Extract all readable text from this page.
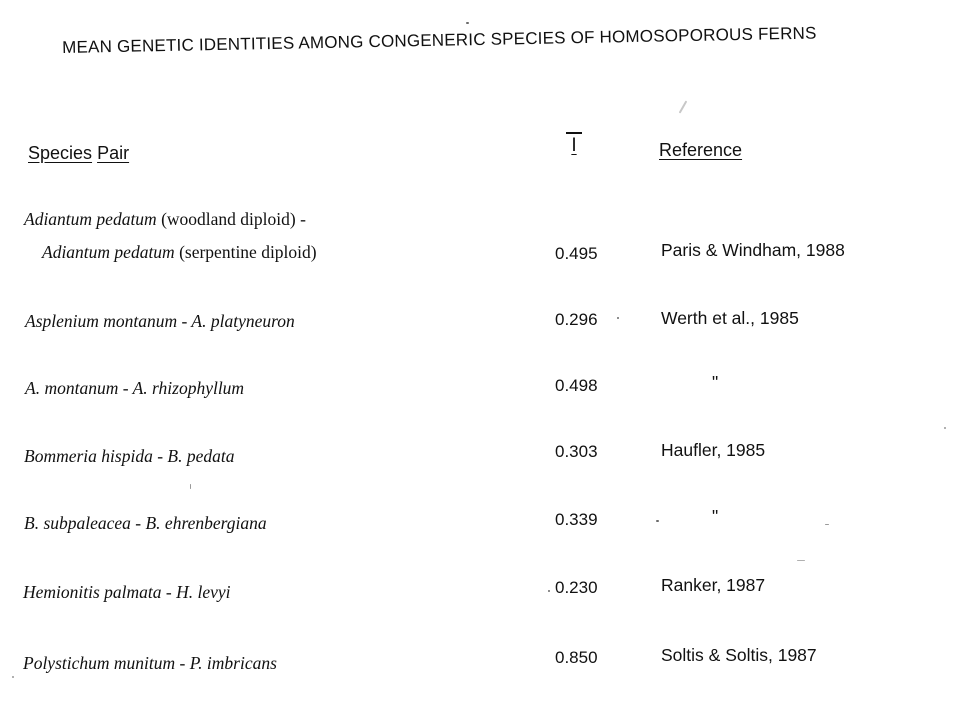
MEAN GENETIC IDENTITIES AMONG CONGENERIC SPECIES OF HOMOSOPOROUS FERNS
Species Pair	I	Reference
Adiantum pedatum (woodland diploid) -
Adiantum pedatum (serpentine diploid)	0.495	Paris & Windham, 1988
Asplenium montanum - A. platyneuron	0.296	Werth et al., 1985
A. montanum - A. rhizophyllum	0.498	"
Bommeria hispida - B. pedata	0.303	Haufler, 1985
B. subpaleacea - B. ehrenbergiana	0.339	"
Hemionitis palmata - H. levyi	0.230	Ranker, 1987
Polystichum munitum - P. imbricans	0.850	Soltis & Soltis, 1987
